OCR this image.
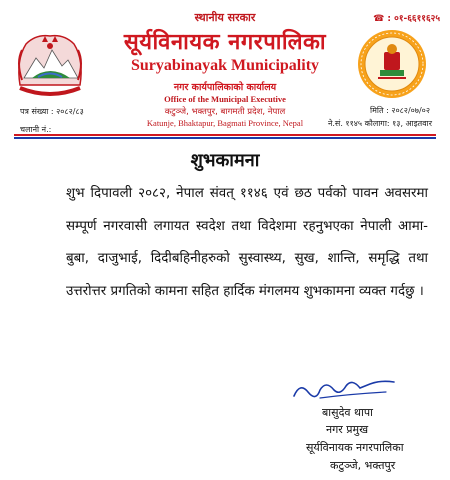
स्थानीय सरकार	☎ : ०१-६६११६२५
सूर्यविनायक नगरपालिका
Suryabinayak Municipality
नगर कार्यपालिकाको कार्यालय
Office of the Municipal Executive
कटुञ्जे, भक्तपुर, बागमती प्रदेश, नेपाल
Katunje, Bhaktapur, Bagmati Province, Nepal
पत्र संख्या : २०८२/८३
चलानी नं.:
मिति : २०८२/०७/०२
ने.सं. ११४५ कौलागा: १३, आइतवार
शुभकामना
शुभ दिपावली २०८२, नेपाल संवत् ११४६ एवं छठ पर्वको पावन अवसरमा सम्पूर्ण नगरवासी लगायत स्वदेश तथा विदेशमा रहनुभएका नेपाली आमा-बुबा, दाजुभाई, दिदीबहिनीहरुको सुस्वास्थ्य, सुख, शान्ति, समृद्धि तथा उत्तरोत्तर प्रगतिको कामना सहित हार्दिक मंगलमय शुभकामना व्यक्त गर्दछु ।
बासुदेव थापा
नगर प्रमुख
सूर्यविनायक नगरपालिका
कटुञ्जे, भक्तपुर
